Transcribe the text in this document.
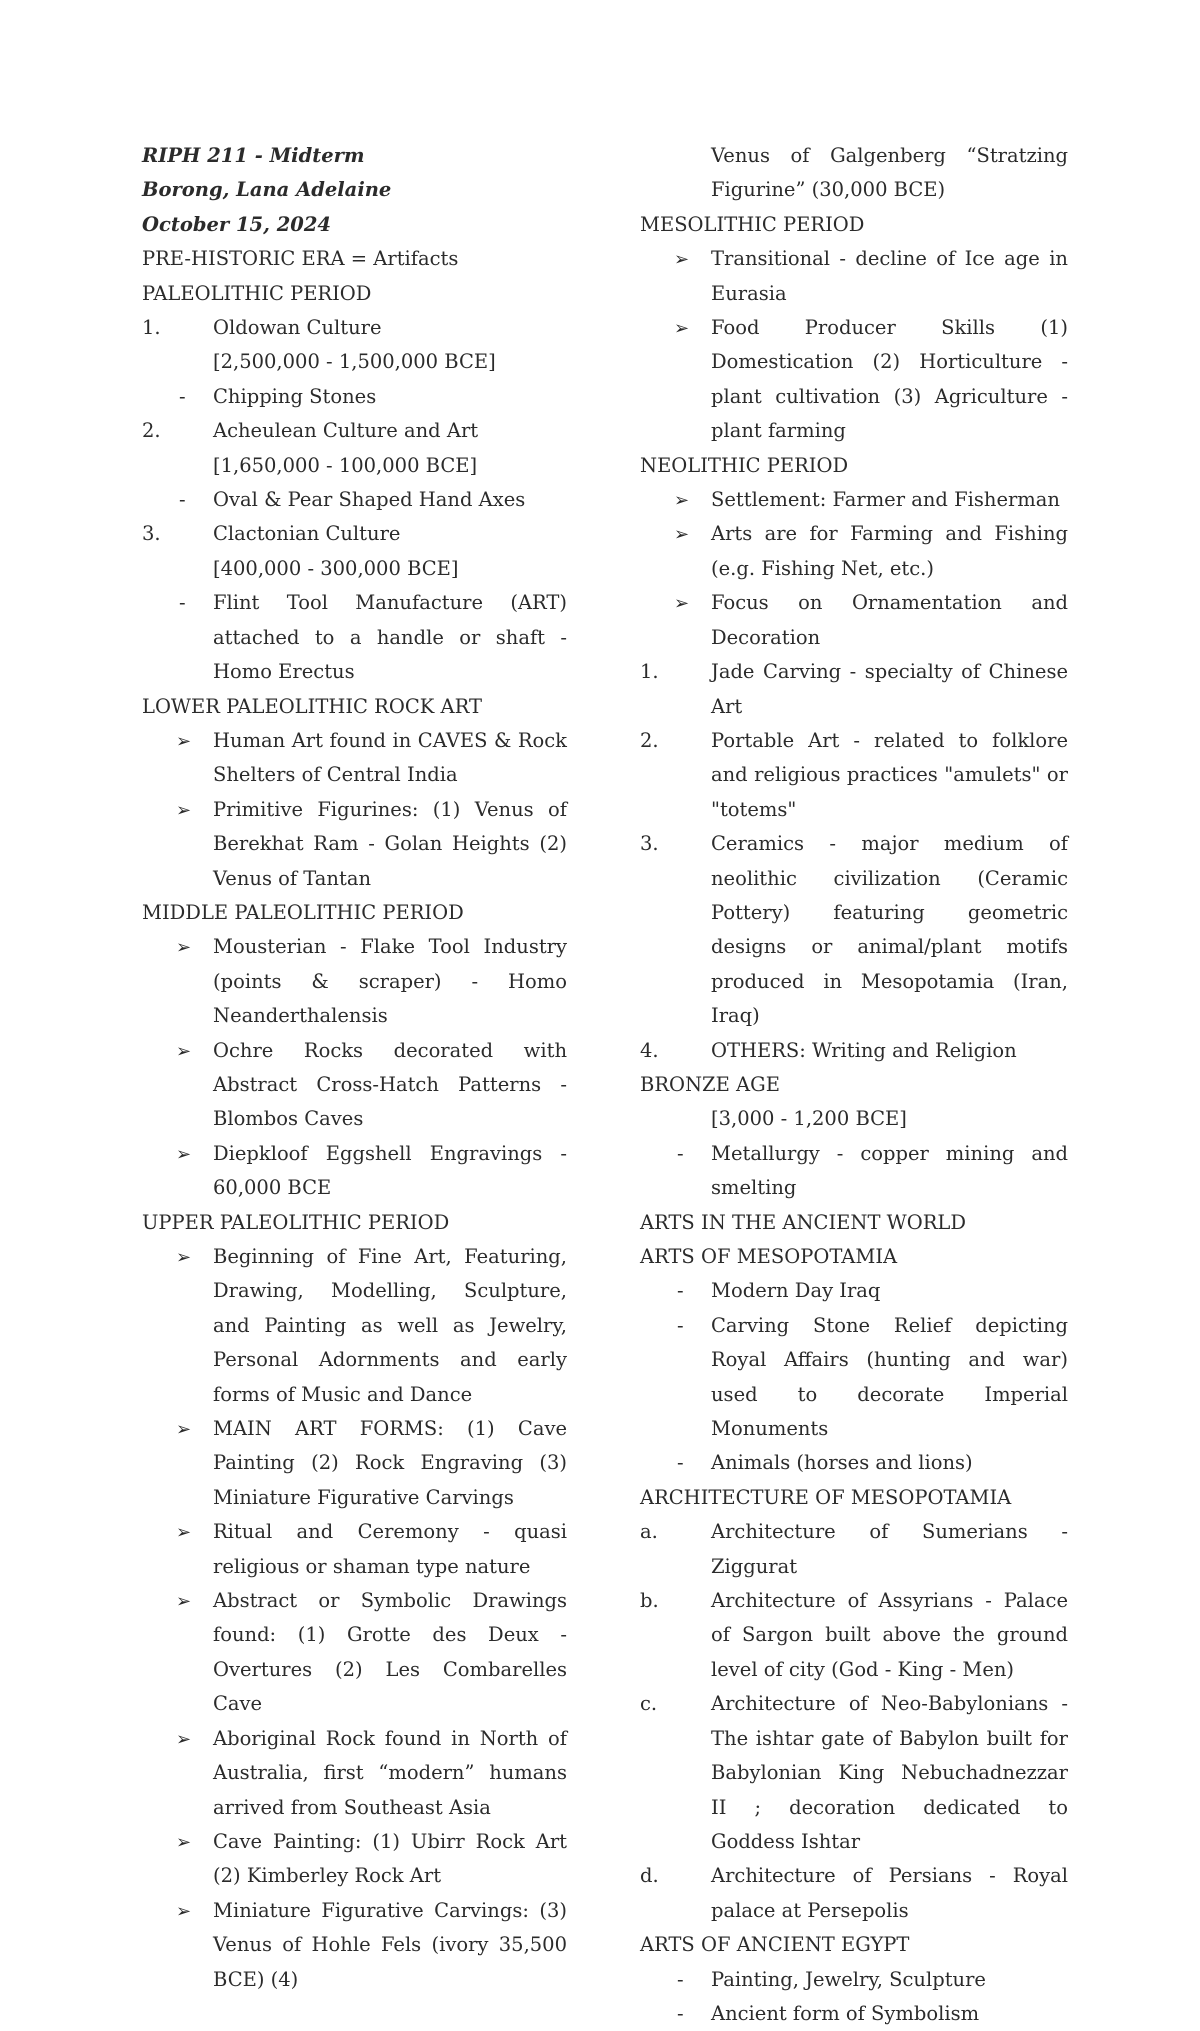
RIPH 211 - Midterm
Borong, Lana Adelaine
October 15, 2024
PRE-HISTORIC ERA = Artifacts
PALEOLITHIC PERIOD
1.	Oldowan Culture
[2,500,000 - 1,500,000 BCE]
-	Chipping Stones
2.	Acheulean Culture and Art
[1,650,000 - 100,000 BCE]
-	Oval & Pear Shaped Hand Axes
3.	Clactonian Culture
[400,000 - 300,000 BCE]
-	Flint Tool Manufacture (ART) attached to a handle or shaft - Homo Erectus
LOWER PALEOLITHIC ROCK ART
➢	Human Art found in CAVES & Rock Shelters of Central India
➢	Primitive Figurines: (1) Venus of Berekhat Ram - Golan Heights (2) Venus of Tantan
MIDDLE PALEOLITHIC PERIOD
➢	Mousterian - Flake Tool Industry (points & scraper) - Homo Neanderthalensis
➢	Ochre Rocks decorated with Abstract Cross-Hatch Patterns - Blombos Caves
➢	Diepkloof Eggshell Engravings - 60,000 BCE
UPPER PALEOLITHIC PERIOD
➢	Beginning of Fine Art, Featuring, Drawing, Modelling, Sculpture, and Painting as well as Jewelry, Personal Adornments and early forms of Music and Dance
➢	MAIN ART FORMS: (1) Cave Painting (2) Rock Engraving (3) Miniature Figurative Carvings
➢	Ritual and Ceremony - quasi religious or shaman type nature
➢	Abstract or Symbolic Drawings found: (1) Grotte des Deux - Overtures (2) Les Combarelles Cave
➢	Aboriginal Rock found in North of Australia, first “modern” humans arrived from Southeast Asia
➢	Cave Painting: (1) Ubirr Rock Art (2) Kimberley Rock Art
➢	Miniature Figurative Carvings: (3) Venus of Hohle Fels (ivory 35,500 BCE) (4)
Venus of Galgenberg “Stratzing Figurine” (30,000 BCE)
MESOLITHIC PERIOD
➢	Transitional - decline of Ice age in Eurasia
➢	Food Producer Skills (1) Domestication (2) Horticulture - plant cultivation (3) Agriculture - plant farming
NEOLITHIC PERIOD
➢	Settlement: Farmer and Fisherman
➢	Arts are for Farming and Fishing (e.g. Fishing Net, etc.)
➢	Focus on Ornamentation and Decoration
1.	Jade Carving - specialty of Chinese Art
2.	Portable Art - related to folklore and religious practices "amulets" or "totems"
3.	Ceramics - major medium of neolithic civilization (Ceramic Pottery) featuring geometric designs or animal/plant motifs produced in Mesopotamia (Iran, Iraq)
4.	OTHERS: Writing and Religion
BRONZE AGE
[3,000 - 1,200 BCE]
-	Metallurgy - copper mining and smelting
ARTS IN THE ANCIENT WORLD
ARTS OF MESOPOTAMIA
-	Modern Day Iraq
-	Carving Stone Relief depicting Royal Affairs (hunting and war) used to decorate Imperial Monuments
-	Animals (horses and lions)
ARCHITECTURE OF MESOPOTAMIA
a.	Architecture of Sumerians - Ziggurat
b.	Architecture of Assyrians - Palace of Sargon built above the ground level of city (God - King - Men)
c.	Architecture of Neo-Babylonians - The ishtar gate of Babylon built for Babylonian King Nebuchadnezzar II ; decoration dedicated to Goddess Ishtar
d.	Architecture of Persians - Royal palace at Persepolis
ARTS OF ANCIENT EGYPT
-	Painting, Jewelry, Sculpture
-	Ancient form of Symbolism
